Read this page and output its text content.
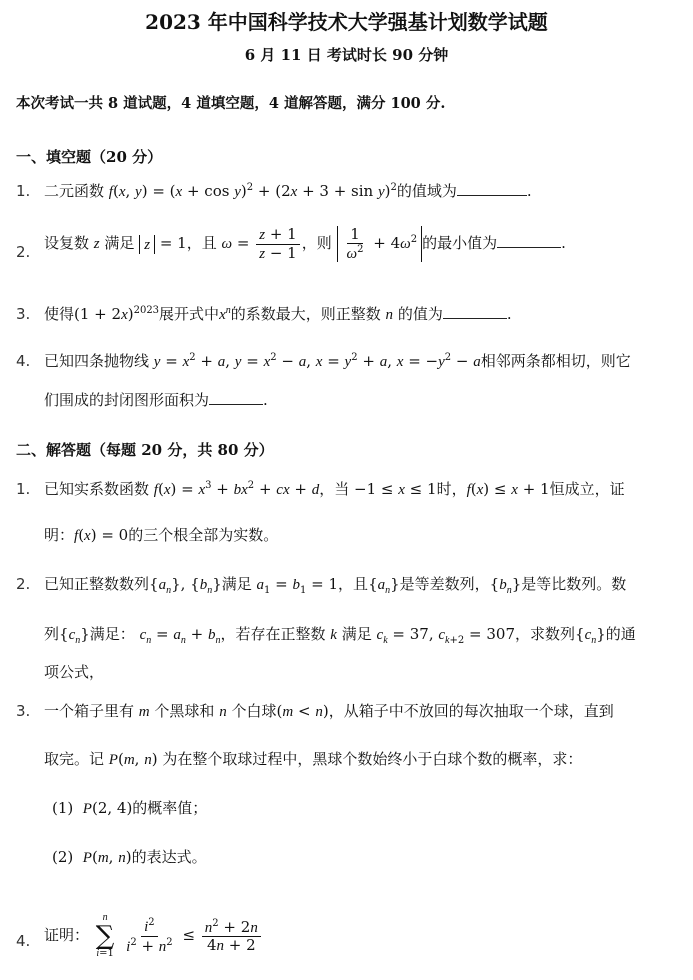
2023 年中国科学技术大学强基计划数学试题
6 月 11 日 考试时长 90 分钟
本次考试一共 8 道试题，4 道填空题，4 道解答题，满分 100 分.
一、填空题（20 分）
1. 二元函数 f(x, $y) = (x + \cos y)^2 + (2x + 3 + \sin y)^2$的值域为	.
2. 设复数 z 满足 z = 1，且 $\omega = \frac{z + 1}{z - 1}$ ，则 $\frac{1}{\omega^2} + 4\omega^2$ 的最小值为	.
3. 使得$(1 + 2x)^{2023}$展开式中$x^n$的系数最大，则正整数 n 的值为	.
4. 已知四条抛物线 $y = x^2 + a$, $y = x^2 - a$, $x = y^2 + a$, $x = -y^2 - a$相邻两条都相切，则它
们围成的封闭图形面积为	.
二、解答题（每题 20 分，共 80 分）
1. 已知实系数函数 $f(x) = x^3 + bx^2$ + cx + d，当 −1 ≤ x ≤ 1时，f(x) ≤ x + 1恒成立，证
明：f(x) = 0的三个根全部为实数。
2. 已知正整数数列$\{a_n\}$, $\{b_n\}$满足 $a_1 = b_1 = 1$，且$\{a_n\}$是等差数列，$\{b_n\}$是等比数列。数
列$\{c_n\}$满足： $c_n = a_n + b_n$，若存在正整数 k 满足 $c_k = 37$, $c_{k+2} = 307$，求数列$\{c_n\}$的通
项公式，
3. 一个箱子里有 m 个黑球和 n 个白球(m < n)，从箱子中不放回的每次抽取一个球，直到
取完。记 P(m, n) 为在整个取球过程中，黑球个数始终小于白球个数的概率，求：
(1) P(2, 4)的概率值；
(2) P(m, n)的表达式。
4. 证明：
n
∑
i=1
$\frac{i^2}{i^2 + n^2} \le \frac{n^2 + 2n}{4n + 2}$
